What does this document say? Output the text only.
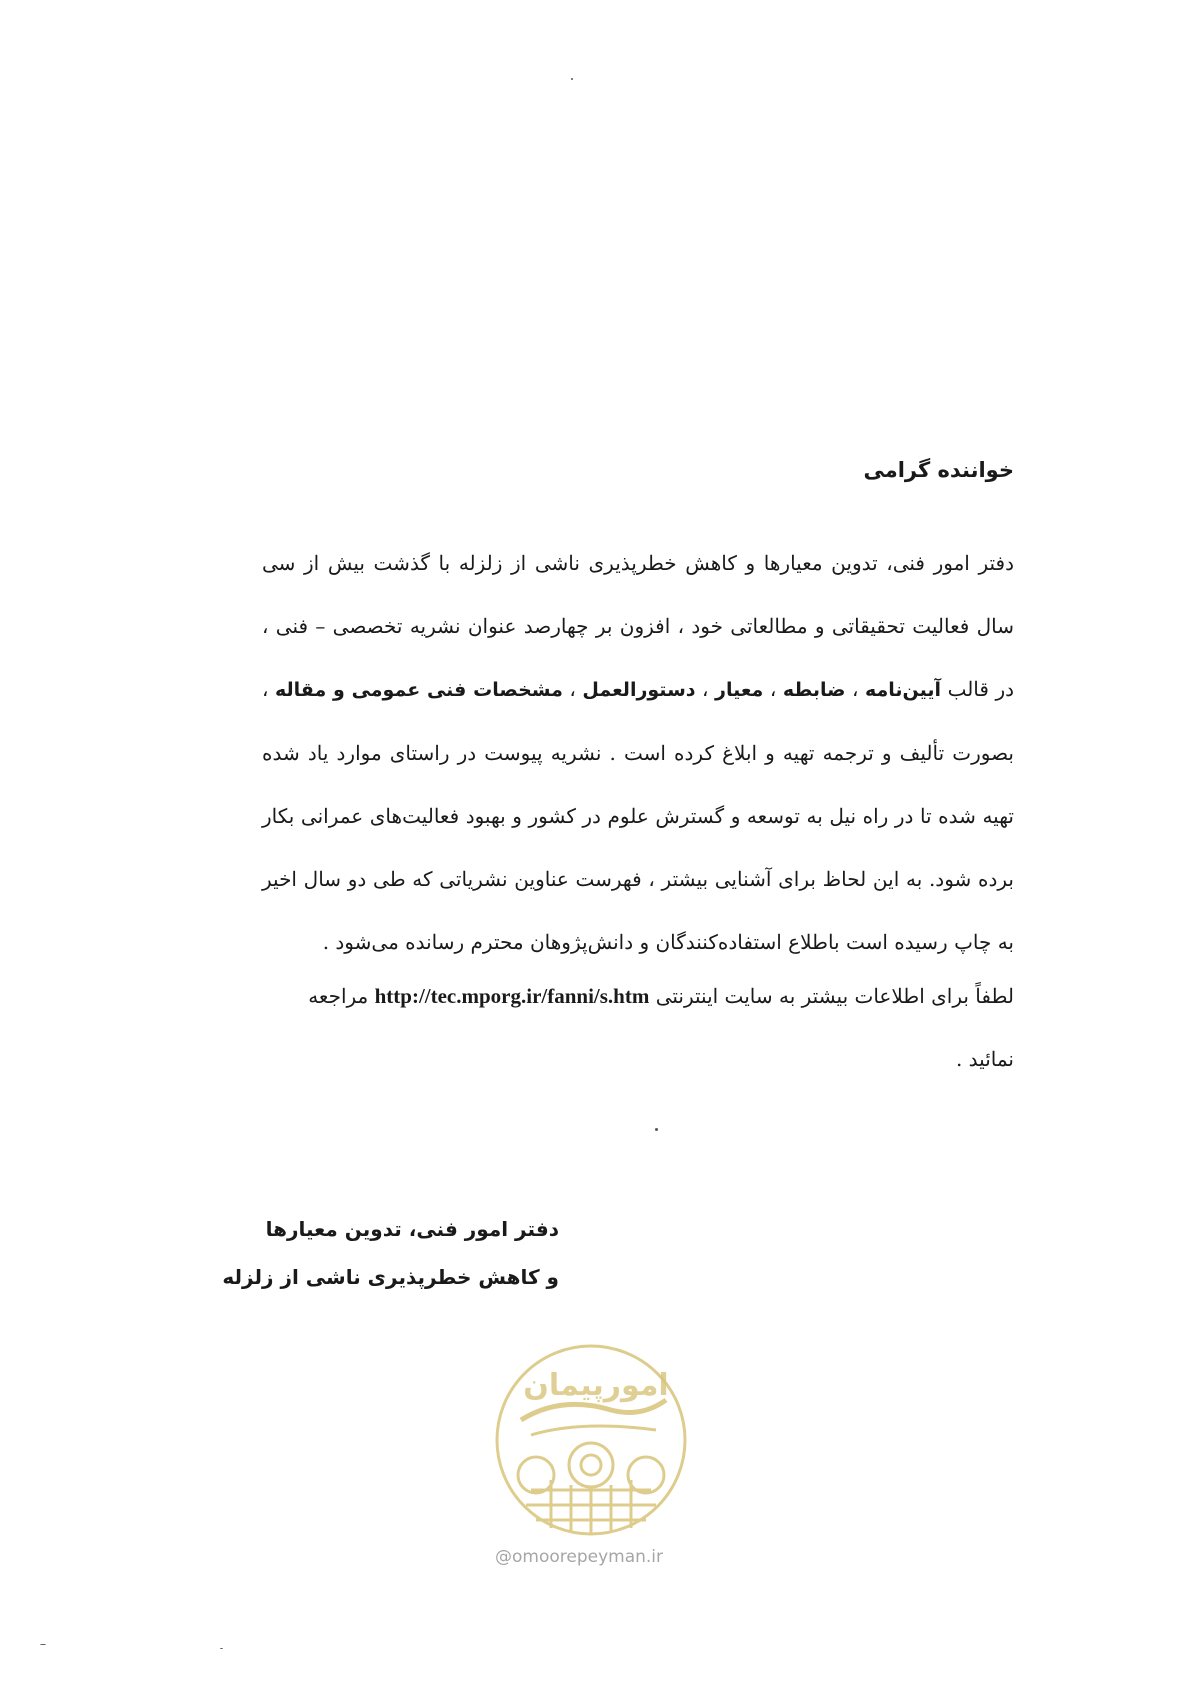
خواننده گرامی

دفتر امور فنی، تدوین معیارها و کاهش خطرپذیری ناشی از زلزله با گذشت بیش از سی سال فعالیت تحقیقاتی و مطالعاتی خود ، افزون بر چهارصد عنوان نشریه تخصصی – فنی ، در قالب آیین‌نامه ، ضابطه ، معیار ، دستورالعمل ، مشخصات فنی عمومی و مقاله ، بصورت تألیف و ترجمه تهیه و ابلاغ کرده است . نشریه پیوست در راستای موارد یاد شده تهیه شده تا در راه نیل به توسعه و گسترش علوم در کشور و بهبود فعالیت‌های عمرانی بکار برده شود. به این لحاظ برای آشنایی بیشتر ، فهرست عناوین نشریاتی که طی دو سال اخیر به چاپ رسیده است باطلاع استفاده‌کنندگان و دانش‌پژوهان محترم رسانده می‌شود .

لطفاً برای اطلاعات بیشتر به سایت اینترنتی http://tec.mporg.ir/fanni/s.htm مراجعه نمائید .

دفتر امور فنی، تدوین معیارها
و کاهش خطرپذیری ناشی از زلزله
امورپیمان
@omoorepeyman.ir
